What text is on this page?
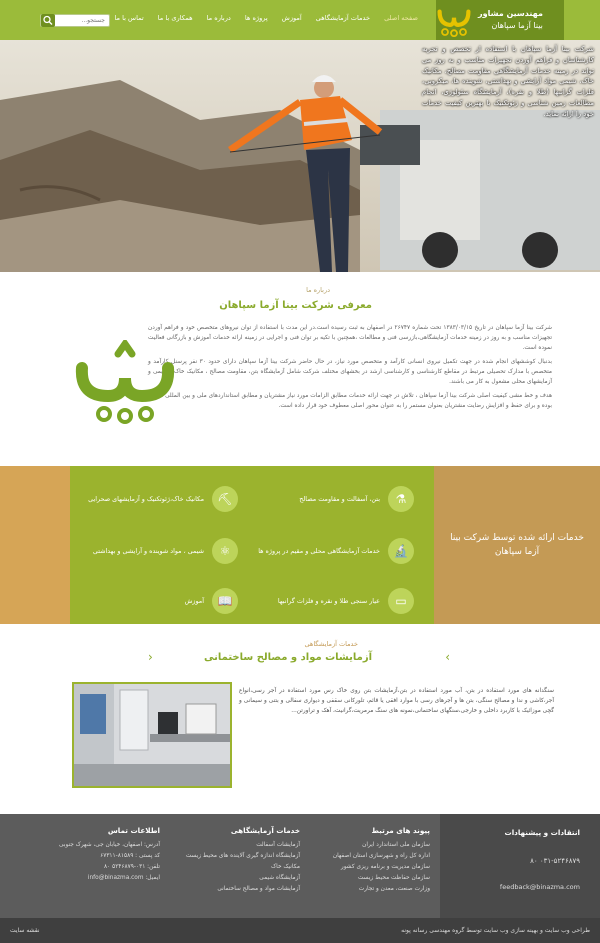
مهندسين مشاور
بينا آزما سپاهان
صفحه اصلی
خدمات آزمایشگاهی
آموزش
پروژه ها
درباره ما
همکاری با ما
تماس با ما
جستجو...
شرکت بینا آزما سپاهان با استفاده از تخصص و تجربه کارشناسان و فراهم آوردن تجهیزات مناسب و به روز می تواند در زمینه خدمات آزمایشگاهی مقاومت مصالح، مکانیک خاک، شیمی مواد آرایشی و بهداشتی، شوینده ها، میکروبی، فلزات گرانبها (طلا و نقره)، آزمایشگاه سئولوژی، انجام مطالعات زمین شناسی و ژئوتکنیک با بهترین کیفیت خدمات خود را ارائه نماید.
درباره ما
معرفی شرکت بینا آزما سپاهان

شرکت بینا آزما سپاهان در تاریخ ۱۳۸۳/۰۳/۱۵ تحت شماره ۲۶۷۴۷ در اصفهان به ثبت رسیده است.در این مدت با استفاده از توان نیروهای متخصص خود و فراهم آوردن تجهیزات مناسب و به روز در زمینه خدمات آزمایشگاهی،بازرسی فنی و مطالعات ،همچنین با تکیه بر توان فنی و اجرایی در زمینه ارائه خدمات آموزش و بازرگانی فعالیت نموده است.

بدنبال کوششهای انجام شده در جهت تکمیل نیروی انسانی کارآمد و متخصص مورد نیاز، در حال حاضر شرکت بینا آزما سپاهان دارای حدود ۳۰ نفر پرسنل کارآمد و متخصص با مدارک تحصیلی مرتبط در مقاطع کارشناسی و کارشناسی ارشد در بخشهای مختلف شرکت شامل آزمایشگاه بتن، مقاومت مصالح ، مکانیک خاک ، شیمی و آزمایشهای محلی مشغول به کار می باشند.

هدف و خط مشی کیفیت اصلی شرکت بینا آزما سپاهان ، تلاش در جهت ارائه خدمات مطابق الزامات مورد نیاز مشتریان و مطابق استانداردهای ملی و بین المللی مرتبط بوده و برای حفظ و افزایش رضایت مشتریان بعنوان مستمر را به عنوان محور اصلی معطوف خود قرار داده است.

خدمات ارائه شده توسط شرکت بینا آزما سپاهان
⚗
بتن، آسفالت و مقاومت مصالح
⛏
مکانیک خاک،ژئوتکنیک و آزمایشهای صحرایی
🔬
خدمات آزمایشگاهی محلی و مقیم در پروژه ها
⚛
شیمی ، مواد شوینده و آرایشی و بهداشتی
▭
عیار سنجی طلا و نقره و فلزات گرانبها
📖
آموزش
خدمات آزمایشگاهی
آزمایشات مواد و مصالح ساختمانی
‹	›
سنگدانه های مورد استفاده در بتن، آب مورد استفاده در بتن،آزمایشات بتن روی خاک رس مورد استفاده در آجر رسی،انواع آجر،کاشی و ندا و مصالح سنگی، بتن ها و آجرهای رسی با موارد افقی یا قائم، تلورکانی سقفی و دیواری سفالی و بتنی و سیمانی و گچی موزائیک با کاربرد داخلی و خارجی،سنگهای ساختمانی،نمونه های سنگ مرمریت،گرانیت، آهک و تراورتن...
انتقادات و پیشنهادات
۰۳۱-۵۲۴۶۸۷۹ ۸۰
feedback@binazma.com
پیوند های مرتبط
سازمان ملی استاندارد ایران
اداره کل راه و شهرسازی استان اصفهان
سازمان مدیریت و برنامه ریزی کشور
سازمان حفاظت محیط زیست
وزارت صنعت، معدن و تجارت
خدمات آزمایشگاهی
آزمایشات آسفالت
آزمایشگاه اندازه گیری آلاینده های محیط زیست
مکانیک خاک
آزمایشگاه شیمی
آزمایشات مواد و مصالح ساختمانی
اطلاعات تماس
آدرس: اصفهان، خیابان جی، شهرک جنوبی
کد پستی : ۸۱۵۸۹-۶۷۳۱۱
تلفن: ۰۳۱-۵۲۴۶۸۷۹ ۸۰
ایمیل: info@binazma.com
طراحی وب سایت و بهینه سازی وب سایت توسط گروه مهندسی رسانه پونه
نقشه سایت
